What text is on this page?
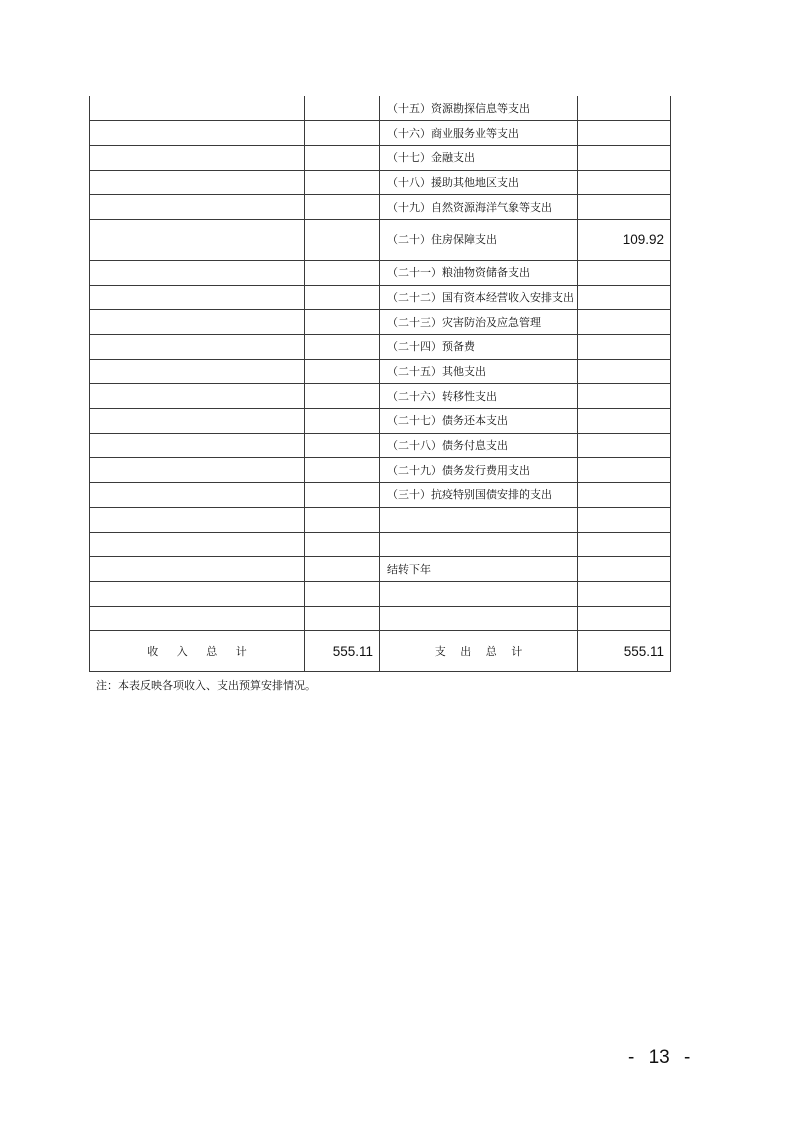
		（十五）资源勘探信息等支出	
		（十六）商业服务业等支出	
		（十七）金融支出	
		（十八）援助其他地区支出	
		（十九）自然资源海洋气象等支出	
		（二十）住房保障支出	109.92
		（二十一）粮油物资储备支出	
		（二十二）国有资本经营收入安排支出	
		（二十三）灾害防治及应急管理	
		（二十四）预备费	
		（二十五）其他支出	
		（二十六）转移性支出	
		（二十七）债务还本支出	
		（二十八）债务付息支出	
		（二十九）债务发行费用支出	
		（三十）抗疫特别国债安排的支出	

		结转下年	

收 入 总 计	555.11	支 出 总 计	555.11
注：本表反映各项收入、支出预算安排情况。
- 13 -
